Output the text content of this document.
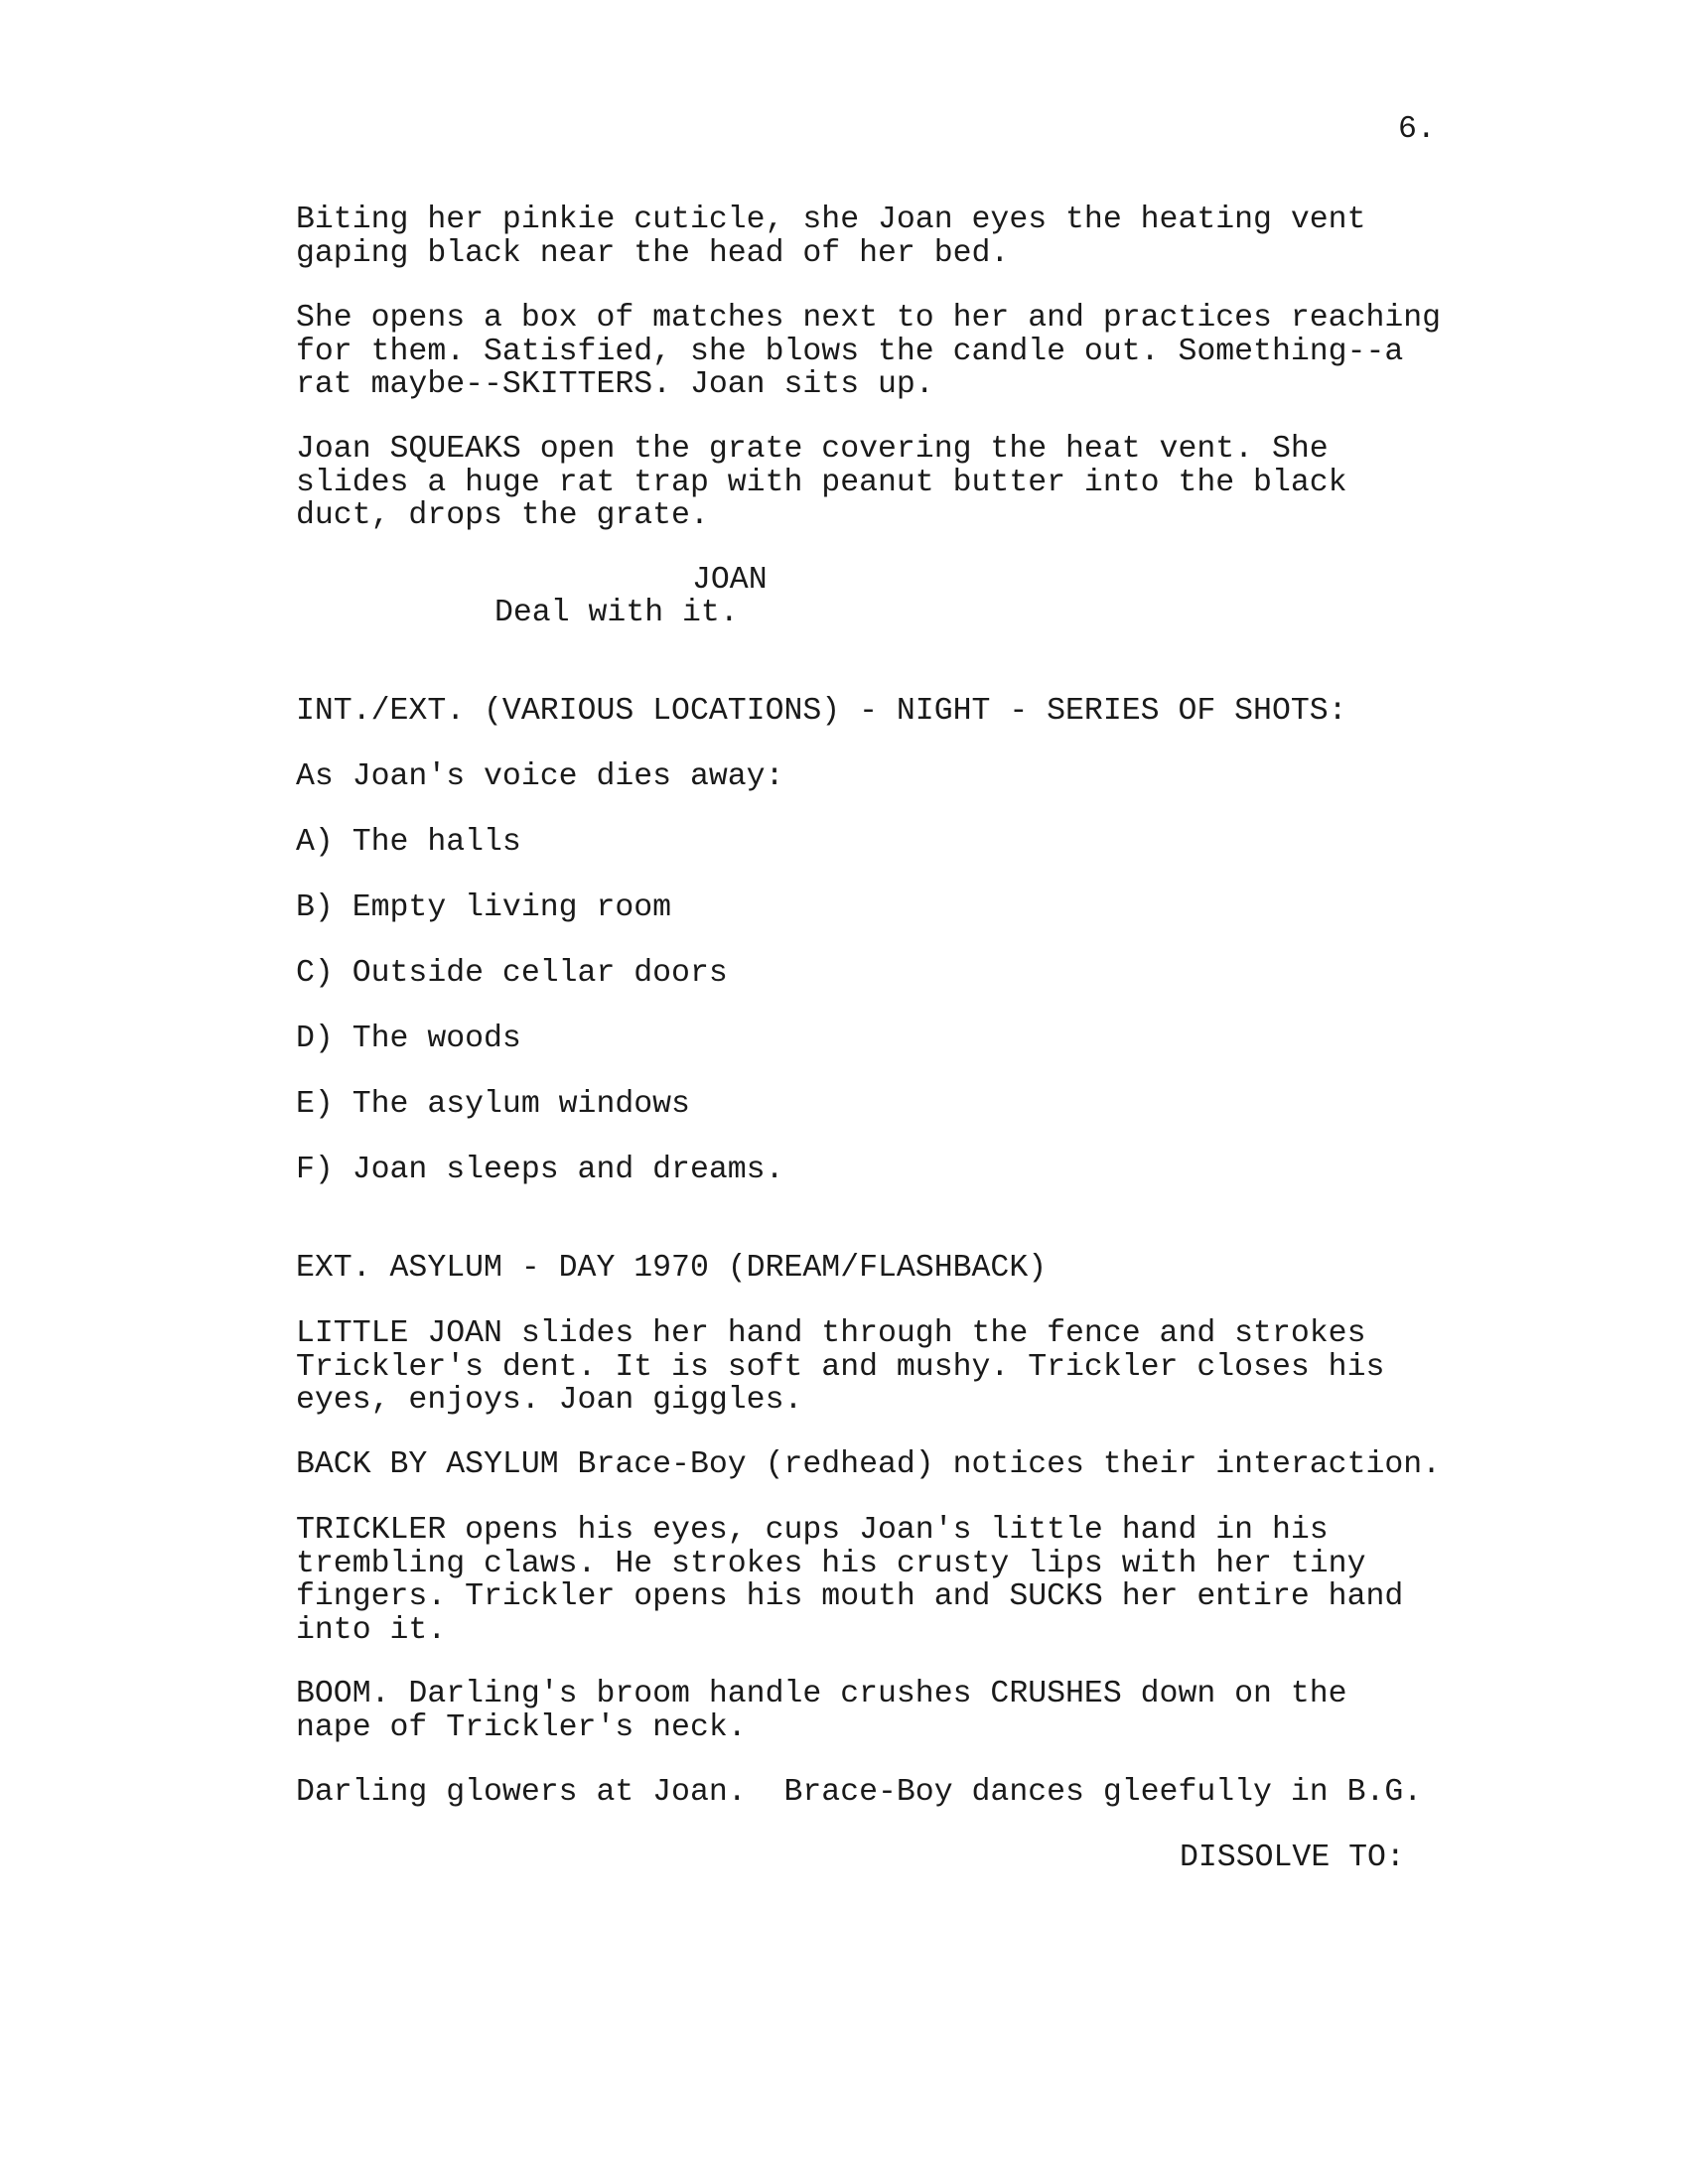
6.

Biting her pinkie cuticle, she Joan eyes the heating vent
gaping black near the head of her bed.

She opens a box of matches next to her and practices reaching
for them. Satisfied, she blows the candle out. Something--a
rat maybe--SKITTERS. Joan sits up.

Joan SQUEAKS open the grate covering the heat vent. She
slides a huge rat trap with peanut butter into the black
duct, drops the grate.

JOAN

Deal with it.

INT./EXT. (VARIOUS LOCATIONS) - NIGHT - SERIES OF SHOTS:

As Joan's voice dies away:

A) The halls

B) Empty living room

C) Outside cellar doors

D) The woods

E) The asylum windows

F) Joan sleeps and dreams.

EXT. ASYLUM - DAY 1970 (DREAM/FLASHBACK)

LITTLE JOAN slides her hand through the fence and strokes
Trickler's dent. It is soft and mushy. Trickler closes his
eyes, enjoys. Joan giggles.

BACK BY ASYLUM Brace-Boy (redhead) notices their interaction.

TRICKLER opens his eyes, cups Joan's little hand in his
trembling claws. He strokes his crusty lips with her tiny
fingers. Trickler opens his mouth and SUCKS her entire hand
into it.

BOOM. Darling's broom handle crushes CRUSHES down on the
nape of Trickler's neck.

Darling glowers at Joan.  Brace-Boy dances gleefully in B.G.

DISSOLVE TO:
